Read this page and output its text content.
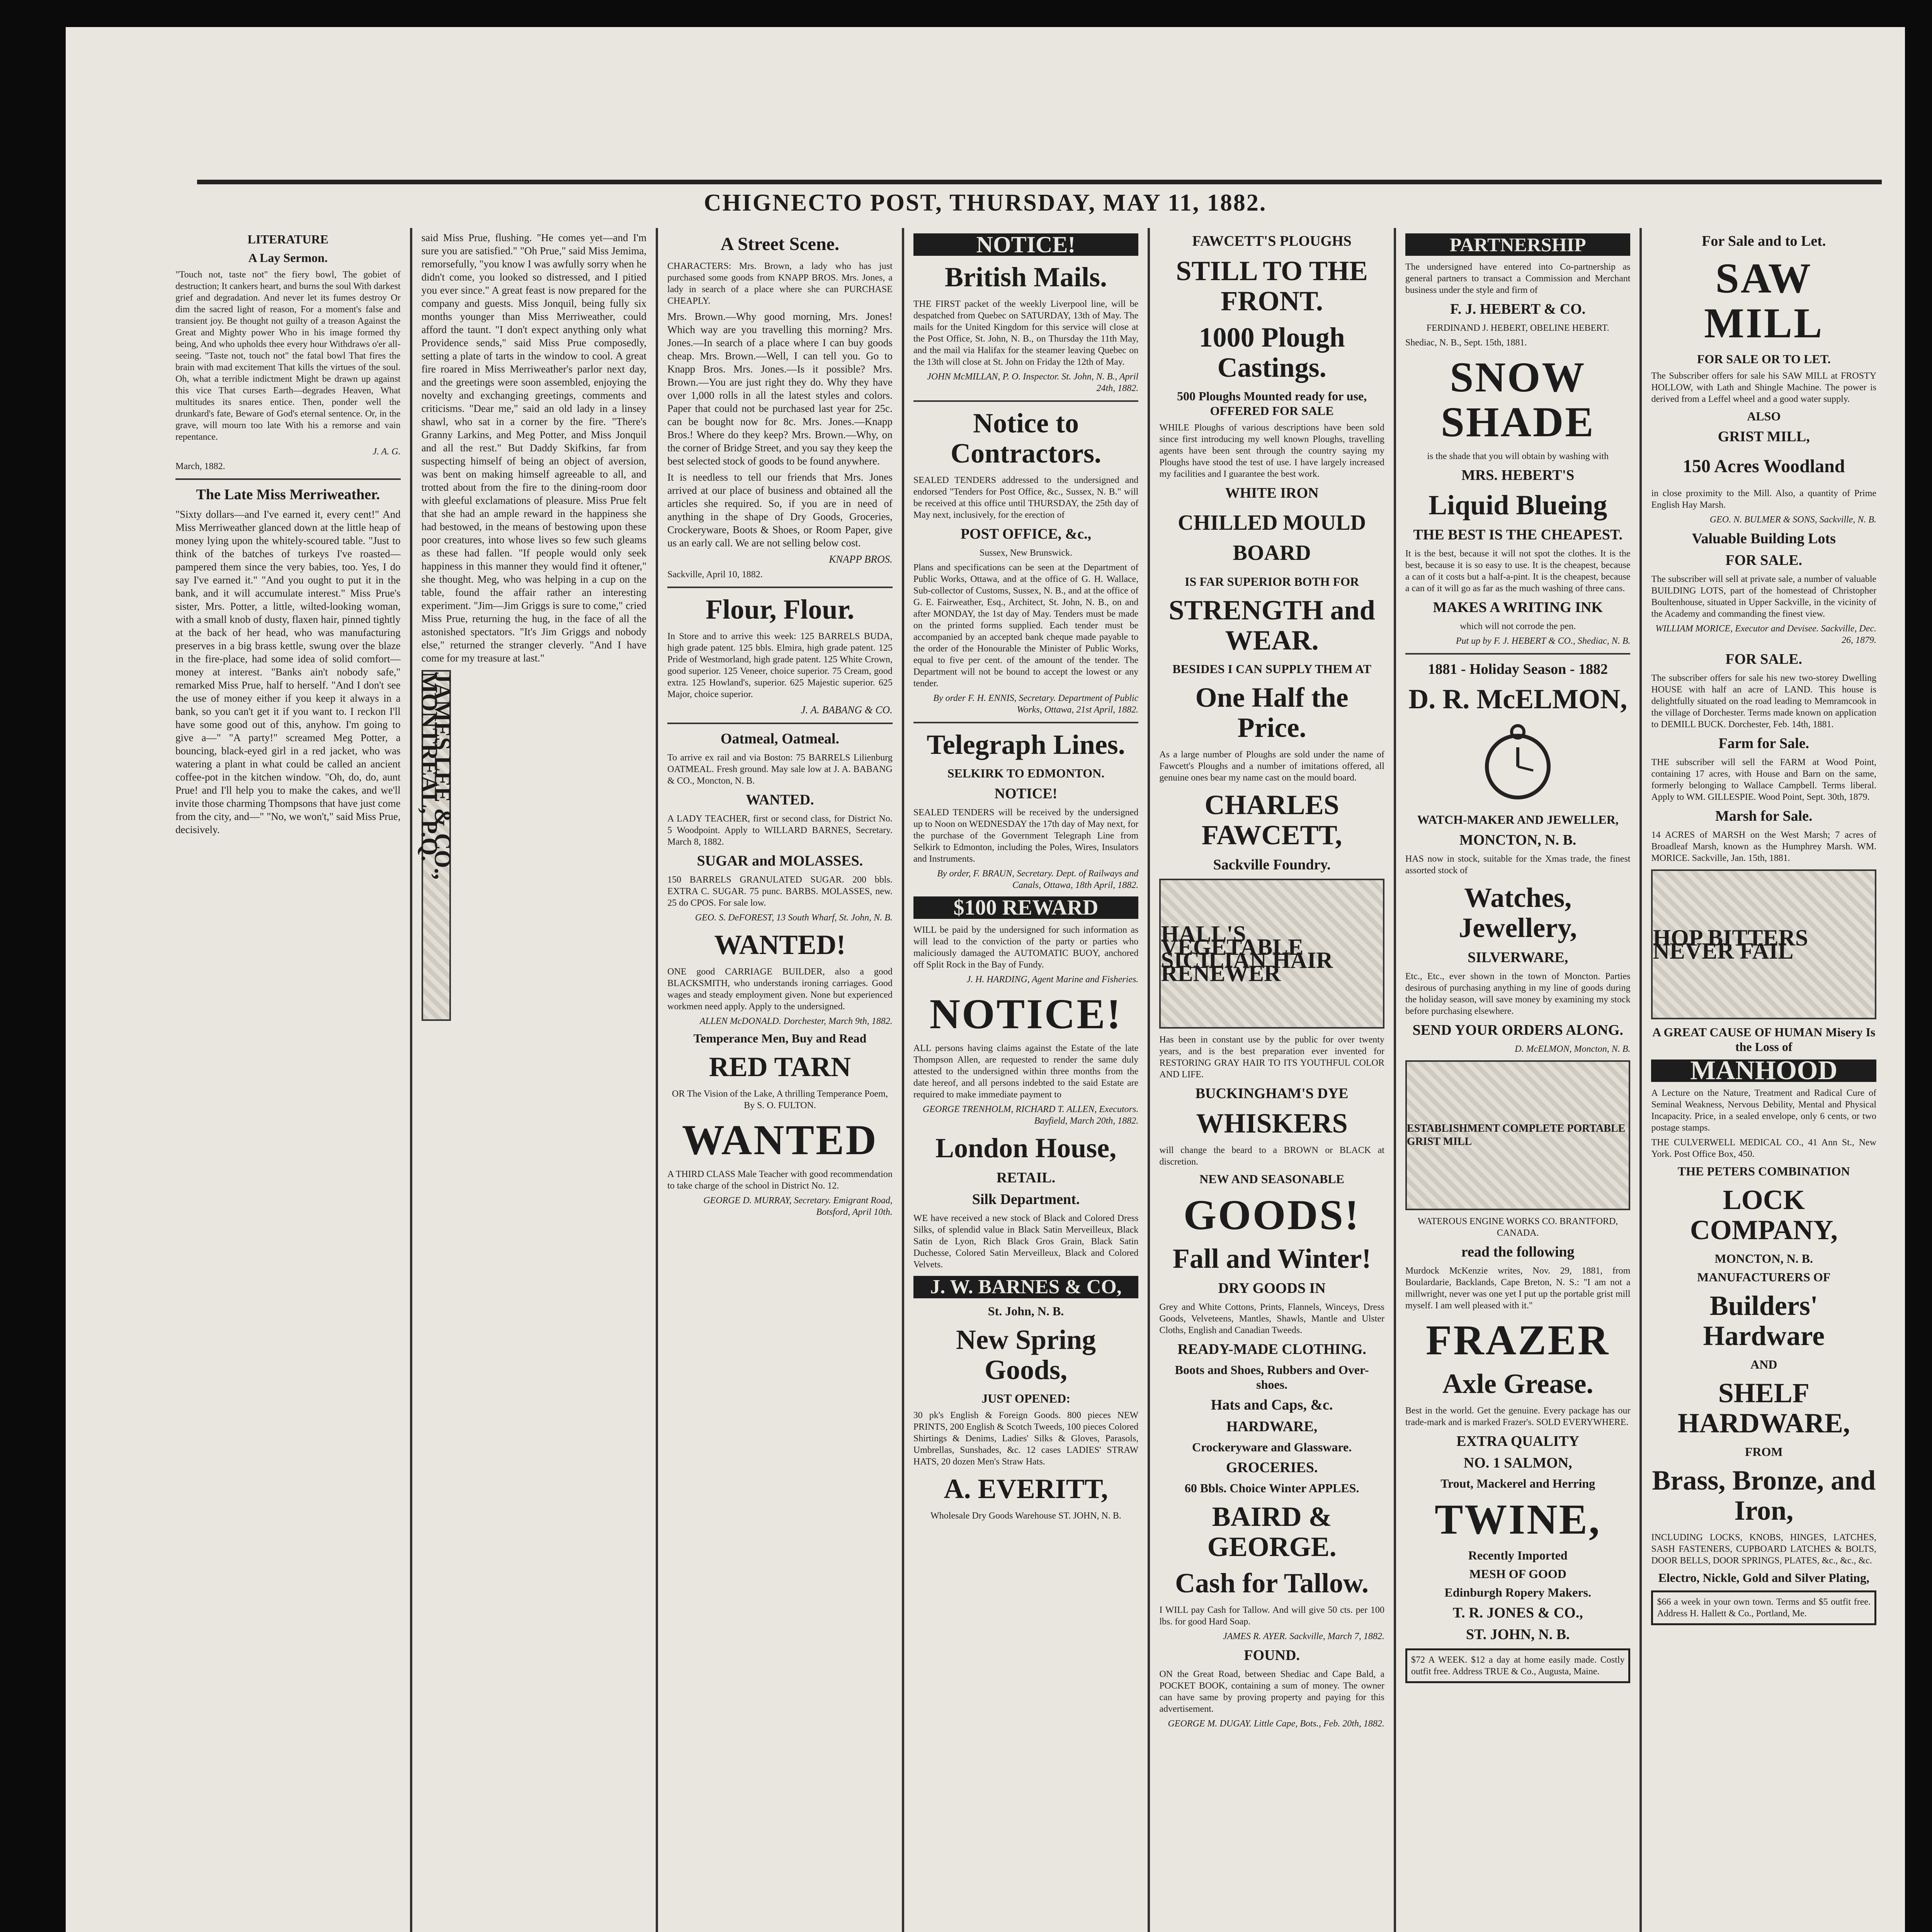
CHIGNECTO POST, THURSDAY, MAY 11, 1882.
LITERATURE
A Lay Sermon.

"Touch not, taste not" the fiery bowl, The gobiet of destruction; It cankers heart, and burns the soul With darkest grief and degradation. And never let its fumes destroy Or dim the sacred light of reason, For a moment's false and transient joy. Be thought not guilty of a treason Against the Great and Mighty power Who in his image formed thy being, And who upholds thee every hour Withdraws o'er all-seeing. "Taste not, touch not" the fatal bowl That fires the brain with mad excitement That kills the virtues of the soul. Oh, what a terrible indictment Might be drawn up against this vice That curses Earth—degrades Heaven, What multitudes its snares entice. Then, ponder well the drunkard's fate, Beware of God's eternal sentence. Or, in the grave, will mourn too late With his a remorse and vain repentance.

J. A. G.

March, 1882.

The Late Miss Merriweather.

"Sixty dollars—and I've earned it, every cent!" And Miss Merriweather glanced down at the little heap of money lying upon the whitely-scoured table. "Just to think of the batches of turkeys I've roasted—pampered them since the very babies, too. Yes, I do say I've earned it." "And you ought to put it in the bank, and it will accumulate interest." Miss Prue's sister, Mrs. Potter, a little, wilted-looking woman, with a small knob of dusty, flaxen hair, pinned tightly at the back of her head, who was manufacturing preserves in a big brass kettle, swung over the blaze in the fire-place, had some idea of solid comfort—money at interest. "Banks ain't nobody safe," remarked Miss Prue, half to herself. "And I don't see the use of money either if you keep it always in a bank, so you can't get it if you want to. I reckon I'll have some good out of this, anyhow. I'm going to give a—" "A party!" screamed Meg Potter, a bouncing, black-eyed girl in a red jacket, who was watering a plant in what could be called an ancient coffee-pot in the kitchen window. "Oh, do, do, aunt Prue! and I'll help you to make the cakes, and we'll invite those charming Thompsons that have just come from the city, and—" "No, we won't," said Miss Prue, decisively.

said Miss Prue, flushing. "He comes yet—and I'm sure you are satisfied." "Oh Prue," said Miss Jemima, remorsefully, "you know I was awfully sorry when he didn't come, you looked so distressed, and I pitied you ever since." A great feast is now prepared for the company and guests. Miss Jonquil, being fully six months younger than Miss Merriweather, could afford the taunt. "I don't expect anything only what Providence sends," said Miss Prue composedly, setting a plate of tarts in the window to cool. A great fire roared in Miss Merriweather's parlor next day, and the greetings were soon assembled, enjoying the novelty and exchanging greetings, comments and criticisms. "Dear me," said an old lady in a linsey shawl, who sat in a corner by the fire. "There's Granny Larkins, and Meg Potter, and Miss Jonquil and all the rest." But Daddy Skifkins, far from suspecting himself of being an object of aversion, was bent on making himself agreeable to all, and trotted about from the fire to the dining-room door with gleeful exclamations of pleasure. Miss Prue felt that she had an ample reward in the happiness she had bestowed, in the means of bestowing upon these poor creatures, into whose lives so few such gleams as these had fallen. "If people would only seek happiness in this manner they would find it oftener," she thought. Meg, who was helping in a cup on the table, found the affair rather an interesting experiment. "Jim—Jim Griggs is sure to come," cried Miss Prue, returning the hug, in the face of all the astonished spectators. "It's Jim Griggs and nobody else," returned the stranger cleverly. "And I have come for my treasure at last."

JAMES LEE & CO., MONTREAL, P.Q.
A Street Scene.

CHARACTERS: Mrs. Brown, a lady who has just purchased some goods from KNAPP BROS. Mrs. Jones, a lady in search of a place where she can PURCHASE CHEAPLY.

Mrs. Brown.—Why good morning, Mrs. Jones! Which way are you travelling this morning? Mrs. Jones.—In search of a place where I can buy goods cheap. Mrs. Brown.—Well, I can tell you. Go to Knapp Bros. Mrs. Jones.—Is it possible? Mrs. Brown.—You are just right they do. Why they have over 1,000 rolls in all the latest styles and colors. Paper that could not be purchased last year for 25c. can be bought now for 8c. Mrs. Jones.—Knapp Bros.! Where do they keep? Mrs. Brown.—Why, on the corner of Bridge Street, and you say they keep the best selected stock of goods to be found anywhere.

It is needless to tell our friends that Mrs. Jones arrived at our place of business and obtained all the articles she required. So, if you are in need of anything in the shape of Dry Goods, Groceries, Crockeryware, Boots & Shoes, or Room Paper, give us an early call. We are not selling below cost.

KNAPP BROS.

Sackville, April 10, 1882.

Flour, Flour.

In Store and to arrive this week: 125 BARRELS BUDA, high grade patent. 125 bbls. Elmira, high grade patent. 125 Pride of Westmorland, high grade patent. 125 White Crown, good superior. 125 Veneer, choice superior. 75 Cream, good extra. 125 Howland's, superior. 625 Majestic superior. 625 Major, choice superior.

J. A. BABANG & CO.

Oatmeal, Oatmeal.

To arrive ex rail and via Boston: 75 BARRELS Lilienburg OATMEAL. Fresh ground. May sale low at J. A. BABANG & CO., Moncton, N. B.

WANTED.

A LADY TEACHER, first or second class, for District No. 5 Woodpoint. Apply to WILLARD BARNES, Secretary. March 8, 1882.

SUGAR and MOLASSES.

150 BARRELS GRANULATED SUGAR. 200 bbls. EXTRA C. SUGAR. 75 punc. BARBS. MOLASSES, new. 25 do CPOS. For sale low.

GEO. S. DeFOREST, 13 South Wharf, St. John, N. B.

WANTED!

ONE good CARRIAGE BUILDER, also a good BLACKSMITH, who understands ironing carriages. Good wages and steady employment given. None but experienced workmen need apply. Apply to the undersigned.

ALLEN McDONALD. Dorchester, March 9th, 1882.

Temperance Men, Buy and Read
RED TARN

OR The Vision of the Lake, A thrilling Temperance Poem, By S. O. FULTON.

WANTED

A THIRD CLASS Male Teacher with good recommendation to take charge of the school in District No. 12.

GEORGE D. MURRAY, Secretary. Emigrant Road, Botsford, April 10th.

NOTICE!
British Mails.

THE FIRST packet of the weekly Liverpool line, will be despatched from Quebec on SATURDAY, 13th of May. The mails for the United Kingdom for this service will close at the Post Office, St. John, N. B., on Thursday the 11th May, and the mail via Halifax for the steamer leaving Quebec on the 13th will close at St. John on Friday the 12th of May.

JOHN McMILLAN, P. O. Inspector. St. John, N. B., April 24th, 1882.

Notice to Contractors.

SEALED TENDERS addressed to the undersigned and endorsed "Tenders for Post Office, &c., Sussex, N. B." will be received at this office until THURSDAY, the 25th day of May next, inclusively, for the erection of

POST OFFICE, &c.,

Sussex, New Brunswick.

Plans and specifications can be seen at the Department of Public Works, Ottawa, and at the office of G. H. Wallace, Sub-collector of Customs, Sussex, N. B., and at the office of G. E. Fairweather, Esq., Architect, St. John, N. B., on and after MONDAY, the 1st day of May. Tenders must be made on the printed forms supplied. Each tender must be accompanied by an accepted bank cheque made payable to the order of the Honourable the Minister of Public Works, equal to five per cent. of the amount of the tender. The Department will not be bound to accept the lowest or any tender.

By order F. H. ENNIS, Secretary. Department of Public Works, Ottawa, 21st April, 1882.

Telegraph Lines.
SELKIRK TO EDMONTON.
NOTICE!

SEALED TENDERS will be received by the undersigned up to Noon on WEDNESDAY the 17th day of May next, for the purchase of the Government Telegraph Line from Selkirk to Edmonton, including the Poles, Wires, Insulators and Instruments.

By order, F. BRAUN, Secretary. Dept. of Railways and Canals, Ottawa, 18th April, 1882.

$100 REWARD

WILL be paid by the undersigned for such information as will lead to the conviction of the party or parties who maliciously damaged the AUTOMATIC BUOY, anchored off Split Rock in the Bay of Fundy.

J. H. HARDING, Agent Marine and Fisheries.

NOTICE!

ALL persons having claims against the Estate of the late Thompson Allen, are requested to render the same duly attested to the undersigned within three months from the date hereof, and all persons indebted to the said Estate are required to make immediate payment to

GEORGE TRENHOLM, RICHARD T. ALLEN, Executors. Bayfield, March 20th, 1882.

London House,
RETAIL.
Silk Department.

WE have received a new stock of Black and Colored Dress Silks, of splendid value in Black Satin Merveilleux, Black Satin de Lyon, Rich Black Gros Grain, Black Satin Duchesse, Colored Satin Merveilleux, Black and Colored Velvets.

J. W. BARNES & CO,
St. John, N. B.
New Spring Goods,
JUST OPENED:

30 pk's English & Foreign Goods. 800 pieces NEW PRINTS, 200 English & Scotch Tweeds, 100 pieces Colored Shirtings & Denims, Ladies' Silks & Gloves, Parasols, Umbrellas, Sunshades, &c. 12 cases LADIES' STRAW HATS, 20 dozen Men's Straw Hats.

A. EVERITT,

Wholesale Dry Goods Warehouse ST. JOHN, N. B.

FAWCETT'S PLOUGHS
STILL TO THE FRONT.
1000 Plough Castings.
500 Ploughs Mounted ready for use, OFFERED FOR SALE

WHILE Ploughs of various descriptions have been sold since first introducing my well known Ploughs, travelling agents have been sent through the country saying my Ploughs have stood the test of use. I have largely increased my facilities and I guarantee the best work.

WHITE IRON
CHILLED MOULD BOARD
IS FAR SUPERIOR BOTH FOR
STRENGTH and WEAR.
BESIDES I CAN SUPPLY THEM AT
One Half the Price.

As a large number of Ploughs are sold under the name of Fawcett's Ploughs and a number of imitations offered, all genuine ones bear my name cast on the mould board.

CHARLES FAWCETT,
Sackville Foundry.
HALL'S VEGETABLE SICILIAN HAIR RENEWER

Has been in constant use by the public for over twenty years, and is the best preparation ever invented for RESTORING GRAY HAIR TO ITS YOUTHFUL COLOR AND LIFE.

BUCKINGHAM'S DYE
WHISKERS

will change the beard to a BROWN or BLACK at discretion.

NEW AND SEASONABLE
GOODS!
Fall and Winter!
DRY GOODS IN

Grey and White Cottons, Prints, Flannels, Winceys, Dress Goods, Velveteens, Mantles, Shawls, Mantle and Ulster Cloths, English and Canadian Tweeds.

READY-MADE CLOTHING.
Boots and Shoes, Rubbers and Over-shoes.
Hats and Caps, &c.
HARDWARE,
Crockeryware and Glassware.
GROCERIES.
60 Bbls. Choice Winter APPLES.
BAIRD & GEORGE.
Cash for Tallow.

I WILL pay Cash for Tallow. And will give 50 cts. per 100 lbs. for good Hard Soap.

JAMES R. AYER. Sackville, March 7, 1882.

FOUND.

ON the Great Road, between Shediac and Cape Bald, a POCKET BOOK, containing a sum of money. The owner can have same by proving property and paying for this advertisement.

GEORGE M. DUGAY. Little Cape, Bots., Feb. 20th, 1882.

PARTNERSHIP

The undersigned have entered into Co-partnership as general partners to transact a Commission and Merchant business under the style and firm of

F. J. HEBERT & CO.

FERDINAND J. HEBERT, OBELINE HEBERT.

Shediac, N. B., Sept. 15th, 1881.

SNOW SHADE

is the shade that you will obtain by washing with

MRS. HEBERT'S
Liquid Blueing
THE BEST IS THE CHEAPEST.

It is the best, because it will not spot the clothes. It is the best, because it is so easy to use. It is the cheapest, because a can of it costs but a half-a-pint. It is the cheapest, because a can of it will go as far as the much washing of three cans.

MAKES A WRITING INK

which will not corrode the pen.

Put up by F. J. HEBERT & CO., Shediac, N. B.

1881 - Holiday Season - 1882
D. R. McELMON,
WATCH-MAKER AND JEWELLER,
MONCTON, N. B.

HAS now in stock, suitable for the Xmas trade, the finest assorted stock of

Watches, Jewellery,
SILVERWARE,

Etc., Etc., ever shown in the town of Moncton. Parties desirous of purchasing anything in my line of goods during the holiday season, will save money by examining my stock before purchasing elsewhere.

SEND YOUR ORDERS ALONG.

D. McELMON, Moncton, N. B.

ESTABLISHMENT COMPLETE PORTABLE GRIST MILL

WATEROUS ENGINE WORKS CO. BRANTFORD, CANADA.

read the following

Murdock McKenzie writes, Nov. 29, 1881, from Boulardarie, Backlands, Cape Breton, N. S.: "I am not a millwright, never was one yet I put up the portable grist mill myself. I am well pleased with it."

FRAZER
Axle Grease.

Best in the world. Get the genuine. Every package has our trade-mark and is marked Frazer's. SOLD EVERYWHERE.

EXTRA QUALITY
NO. 1 SALMON,
Trout, Mackerel and Herring
TWINE,
Recently Imported
MESH OF GOOD
Edinburgh Ropery Makers.
T. R. JONES & CO.,
ST. JOHN, N. B.

$72 A WEEK. $12 a day at home easily made. Costly outfit free. Address TRUE & Co., Augusta, Maine.

For Sale and to Let.
SAW MILL
FOR SALE OR TO LET.

The Subscriber offers for sale his SAW MILL at FROSTY HOLLOW, with Lath and Shingle Machine. The power is derived from a Leffel wheel and a good water supply.

ALSO
GRIST MILL,
150 Acres Woodland

in close proximity to the Mill. Also, a quantity of Prime English Hay Marsh.

GEO. N. BULMER & SONS, Sackville, N. B.

Valuable Building Lots
FOR SALE.

The subscriber will sell at private sale, a number of valuable BUILDING LOTS, part of the homestead of Christopher Boultenhouse, situated in Upper Sackville, in the vicinity of the Academy and commanding the finest view.

WILLIAM MORICE, Executor and Devisee. Sackville, Dec. 26, 1879.

FOR SALE.

The subscriber offers for sale his new two-storey Dwelling HOUSE with half an acre of LAND. This house is delightfully situated on the road leading to Memramcook in the village of Dorchester. Terms made known on application to DEMILL BUCK. Dorchester, Feb. 14th, 1881.

Farm for Sale.

THE subscriber will sell the FARM at Wood Point, containing 17 acres, with House and Barn on the same, formerly belonging to Wallace Campbell. Terms liberal. Apply to WM. GILLESPIE. Wood Point, Sept. 30th, 1879.

Marsh for Sale.

14 ACRES of MARSH on the West Marsh; 7 acres of Broadleaf Marsh, known as the Humphrey Marsh. WM. MORICE. Sackville, Jan. 15th, 1881.

HOP BITTERS NEVER FAIL
A GREAT CAUSE OF HUMAN Misery Is the Loss of
MANHOOD

A Lecture on the Nature, Treatment and Radical Cure of Seminal Weakness, Nervous Debility, Mental and Physical Incapacity. Price, in a sealed envelope, only 6 cents, or two postage stamps.

THE CULVERWELL MEDICAL CO., 41 Ann St., New York. Post Office Box, 450.

THE PETERS COMBINATION
LOCK COMPANY,
MONCTON, N. B.
MANUFACTURERS OF
Builders' Hardware
AND
SHELF HARDWARE,
FROM
Brass, Bronze, and Iron,

INCLUDING LOCKS, KNOBS, HINGES, LATCHES, SASH FASTENERS, CUPBOARD LATCHES & BOLTS, DOOR BELLS, DOOR SPRINGS, PLATES, &c., &c., &c.

Electro, Nickle, Gold and Silver Plating,

$66 a week in your own town. Terms and $5 outfit free. Address H. Hallett & Co., Portland, Me.
